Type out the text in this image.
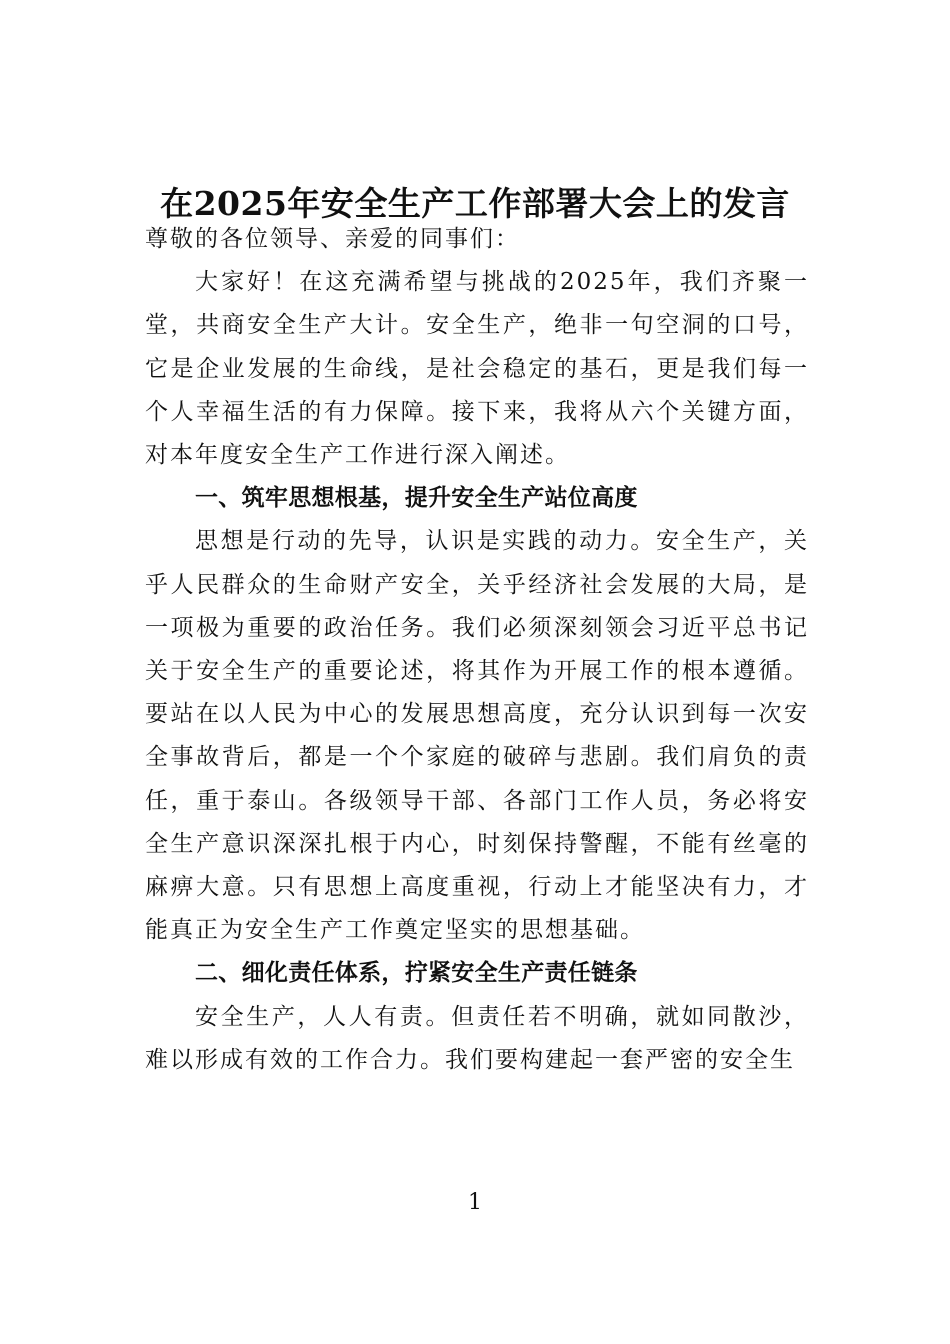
在2025年安全生产工作部署大会上的发言

尊敬的各位领导、亲爱的同事们：

大家好！在这充满希望与挑战的2025年，我们齐聚一堂，共商安全生产大计。安全生产，绝非一句空洞的口号，它是企业发展的生命线，是社会稳定的基石，更是我们每一个人幸福生活的有力保障。接下来，我将从六个关键方面，对本年度安全生产工作进行深入阐述。

一、筑牢思想根基，提升安全生产站位高度

思想是行动的先导，认识是实践的动力。安全生产，关乎人民群众的生命财产安全，关乎经济社会发展的大局，是一项极为重要的政治任务。我们必须深刻领会习近平总书记关于安全生产的重要论述，将其作为开展工作的根本遵循。要站在以人民为中心的发展思想高度，充分认识到每一次安全事故背后，都是一个个家庭的破碎与悲剧。我们肩负的责任，重于泰山。各级领导干部、各部门工作人员，务必将安全生产意识深深扎根于内心，时刻保持警醒，不能有丝毫的麻痹大意。只有思想上高度重视，行动上才能坚决有力，才能真正为安全生产工作奠定坚实的思想基础。

二、细化责任体系，拧紧安全生产责任链条

安全生产，人人有责。但责任若不明确，就如同散沙，难以形成有效的工作合力。我们要构建起一套严密的安全生

1
